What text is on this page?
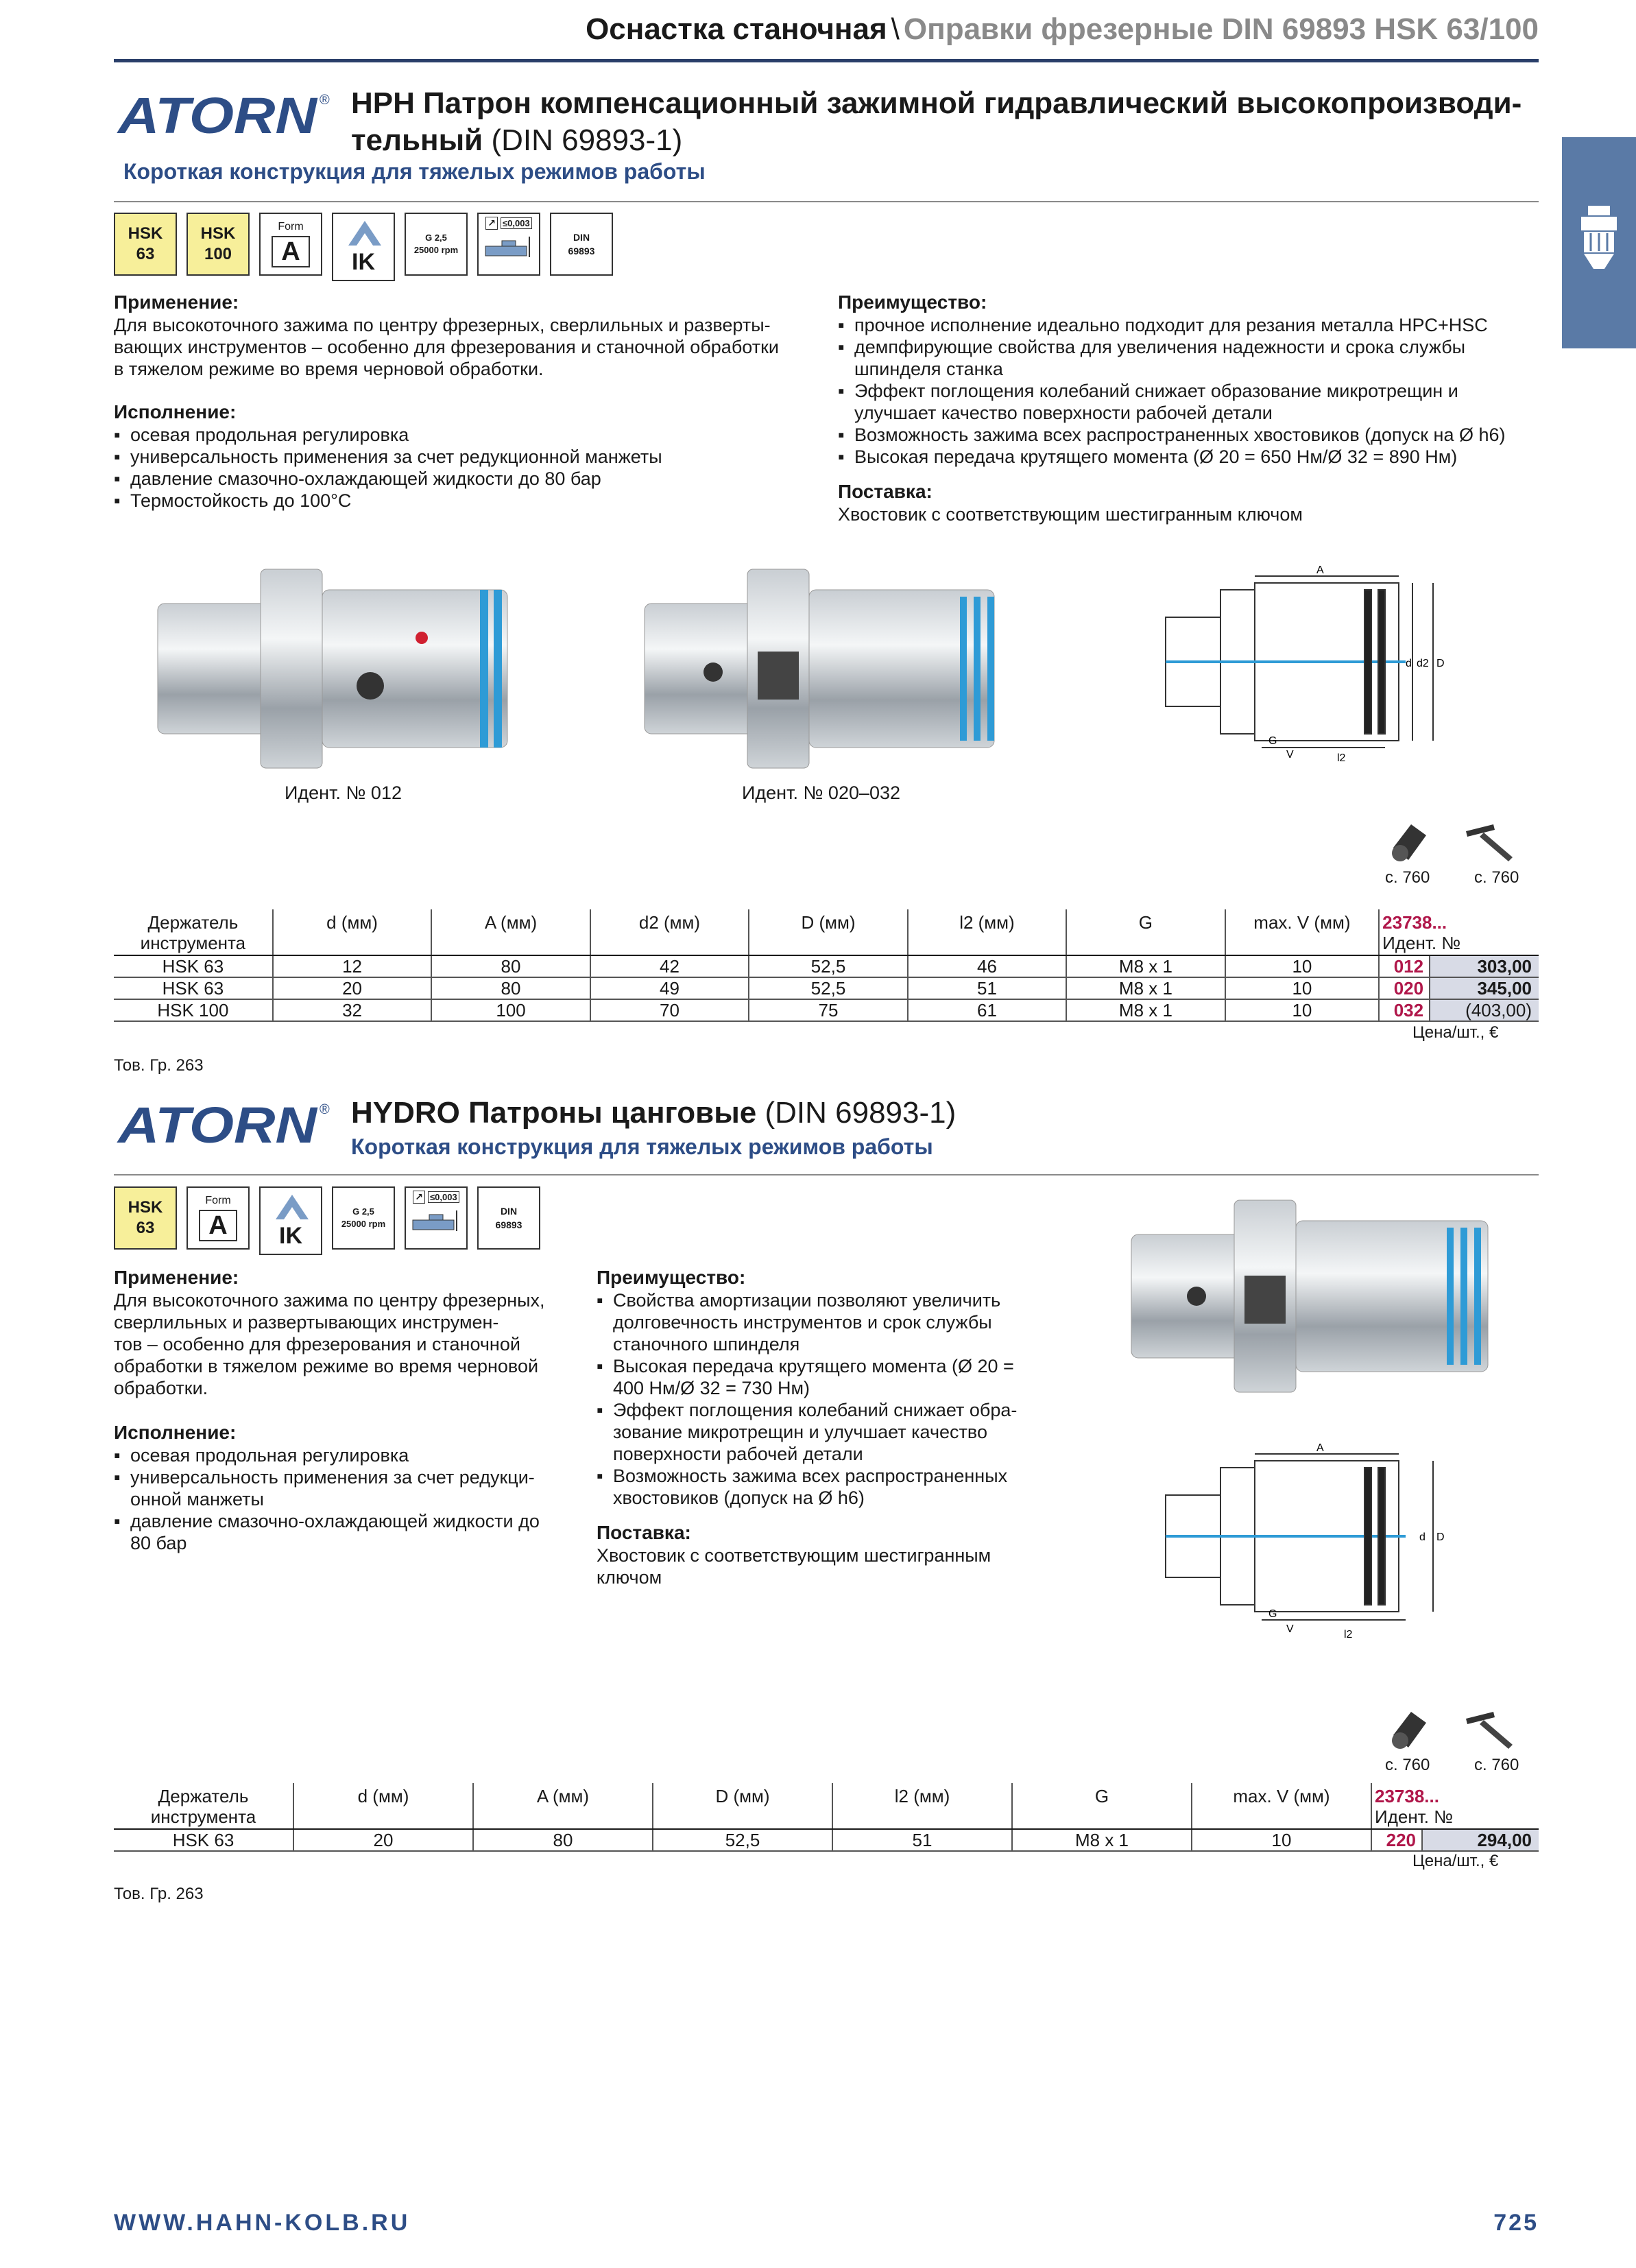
Оснастка станочная \ Оправки фрезерные DIN 69893 HSK 63/100
ATORN ® HPH Патрон компенсационный зажимной гидравлический высокопроизводи-
тельный (DIN 69893-1)
Короткая конструкция для тяжелых режимов работы
HSK
63
HSK
100
Form
A	IK
G 2,5
25000 rpm
↗ ≤0,003
DIN
69893
Применение:
Для высокоточного зажима по центру фрезерных, сверлильных и разверты-
вающих инструментов – особенно для фрезерования и станочной обработки
в тяжелом режиме во время черновой обработки.
Исполнение:
▪ осевая продольная регулировка
▪ универсальность применения за счет редукционной манжеты
▪ давление смазочно-охлаждающей жидкости до 80 бар
▪ Термостойкость до 100°C
Преимущество:
▪ прочное исполнение идеально подходит для резания металла HPC+HSC
▪ демпфирующие свойства для увеличения надежности и срока службы
шпинделя станка
▪ Эффект поглощения колебаний снижает образование микротрещин и
улучшает качество поверхности рабочей детали
▪ Возможность зажима всех распространенных хвостовиков (допуск на Ø h6)
▪ Высокая передача крутящего момента (Ø 20 = 650 Нм/Ø 32 = 890 Нм)
Поставка:
Хвостовик с соответствующим шестигранным ключом
Идент. № 012	Идент. № 020–032
A
d d2 D
G
V	l2
с. 760	с. 760
Держатель
инструмента	d (мм)	A (мм)	d2 (мм)	D (мм)	l2 (мм)	G	max. V (мм)	23738...
Идент. №	
HSK 63	12	80	42	52,5	46	M8 x 1	10	012	303,00
HSK 63	20	80	49	52,5	51	M8 x 1	10	020	345,00
HSK 100	32	100	70	75	61	M8 x 1	10	032	(403,00)
Цена/шт., €
Тов. Гр. 263
ATORN ® HYDRO Патроны цанговые (DIN 69893-1)
Короткая конструкция для тяжелых режимов работы
HSK
63
Form
A	IK
G 2,5
25000 rpm
↗ ≤0,003
DIN
69893
Применение:
Для высокоточного зажима по центру фрезерных,
сверлильных и развертывающих инструмен-
тов – особенно для фрезерования и станочной
обработки в тяжелом режиме во время черновой
обработки.
Исполнение:
▪ осевая продольная регулировка
▪ универсальность применения за счет редукци-
онной манжеты
▪ давление смазочно-охлаждающей жидкости до
80 бар
Преимущество:
▪ Свойства амортизации позволяют увеличить
долговечность инструментов и срок службы
станочного шпинделя
▪ Высокая передача крутящего момента (Ø 20 =
400 Нм/Ø 32 = 730 Нм)
▪ Эффект поглощения колебаний снижает обра-
зование микротрещин и улучшает качество
поверхности рабочей детали
▪ Возможность зажима всех распространенных
хвостовиков (допуск на Ø h6)
Поставка:
Хвостовик с соответствующим шестигранным
ключом
A
d D
G
V	l2
с. 760	с. 760
Держатель
инструмента	d (мм)	A (мм)	D (мм)	l2 (мм)	G	max. V (мм)	23738...
Идент. №	
HSK 63	20	80	52,5	51	M8 x 1	10	220	294,00
Цена/шт., €
Тов. Гр. 263
WWW.HAHN-KOLB.RU	725
